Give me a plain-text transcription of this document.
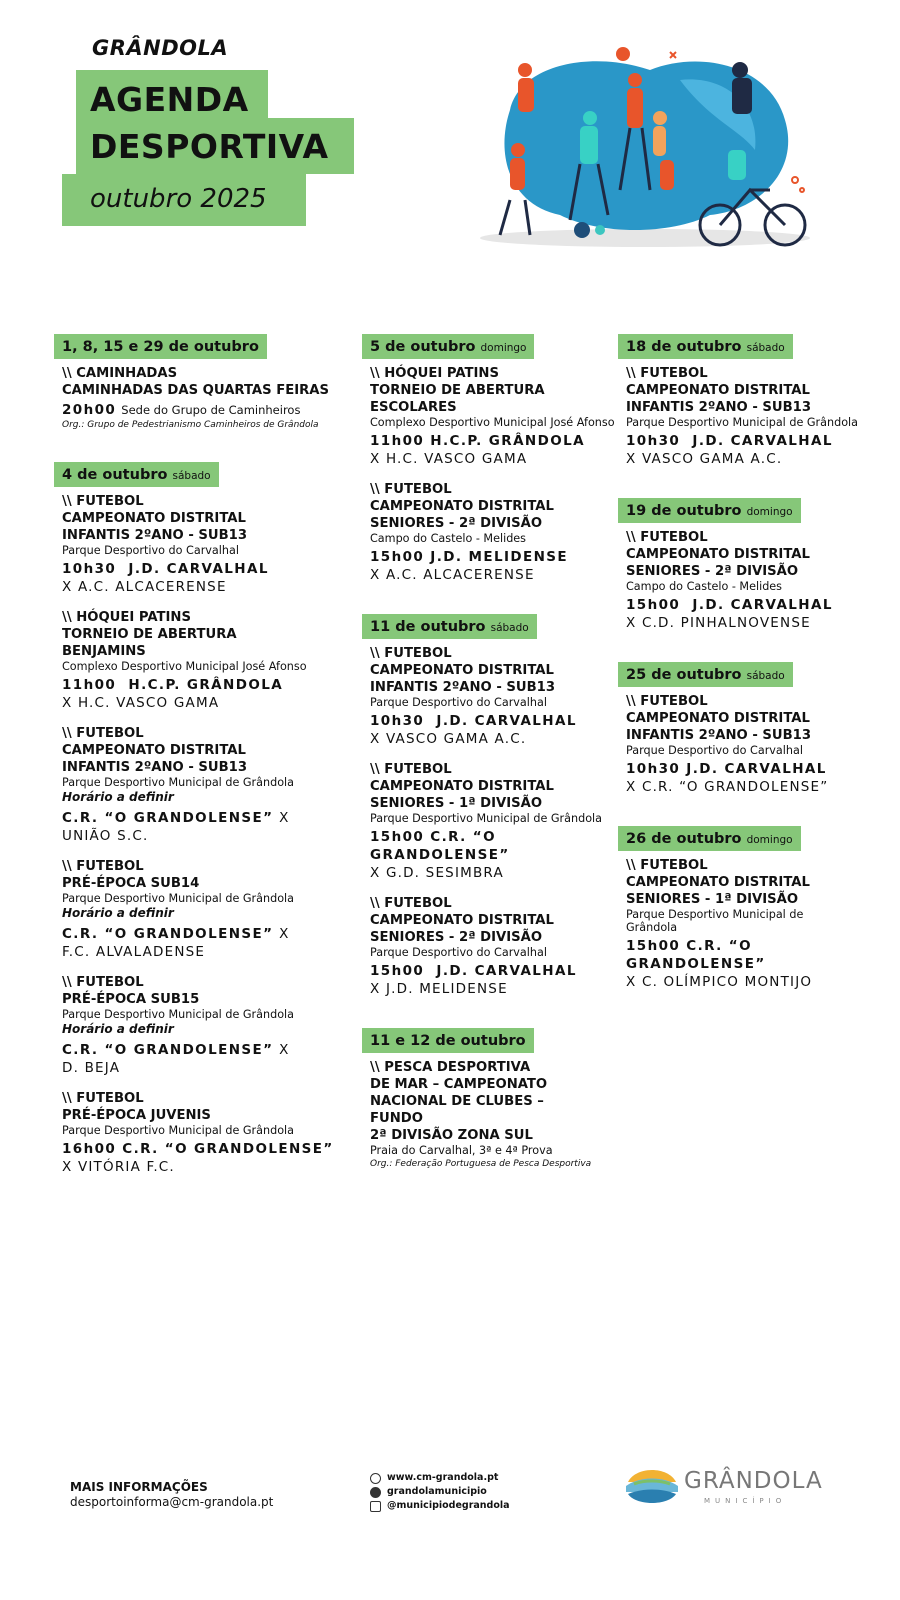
GRÂNDOLA
AGENDA
DESPORTIVA
outubro 2025
1, 8, 15 e 29 de outubro
\\ CAMINHADAS
CAMINHADAS DAS QUARTAS FEIRAS
20h00 Sede do Grupo de Caminheiros
Org.: Grupo de Pedestrianismo Caminheiros de Grândola
4 de outubro sábado
\\ FUTEBOL
CAMPEONATO DISTRITAL
INFANTIS 2ºANO - SUB13
Parque Desportivo do Carvalhal
10h30 J.D. CARVALHAL
X A.C. ALCACERENSE
\\ HÓQUEI PATINS
TORNEIO DE ABERTURA
BENJAMINS
Complexo Desportivo Municipal José Afonso
11h00 H.C.P. GRÂNDOLA
X H.C. VASCO GAMA
\\ FUTEBOL
CAMPEONATO DISTRITAL
INFANTIS 2ºANO - SUB13
Parque Desportivo Municipal de Grândola
Horário a definir
C.R. “O GRANDOLENSE” X
UNIÃO S.C.
\\ FUTEBOL
PRÉ-ÉPOCA SUB14
Parque Desportivo Municipal de Grândola
Horário a definir
C.R. “O GRANDOLENSE” X
F.C. ALVALADENSE
\\ FUTEBOL
PRÉ-ÉPOCA SUB15
Parque Desportivo Municipal de Grândola
Horário a definir
C.R. “O GRANDOLENSE” X
D. BEJA
\\ FUTEBOL
PRÉ-ÉPOCA JUVENIS
Parque Desportivo Municipal de Grândola
16h00 C.R. “O GRANDOLENSE”
X VITÓRIA F.C.
5 de outubro domingo
\\ HÓQUEI PATINS
TORNEIO DE ABERTURA
ESCOLARES
Complexo Desportivo Municipal José Afonso
11h00 H.C.P. GRÂNDOLA
X H.C. VASCO GAMA
\\ FUTEBOL
CAMPEONATO DISTRITAL
SENIORES - 2ª DIVISÃO
Campo do Castelo - Melides
15h00 J.D. MELIDENSE
X A.C. ALCACERENSE
11 de outubro sábado
\\ FUTEBOL
CAMPEONATO DISTRITAL
INFANTIS 2ºANO - SUB13
Parque Desportivo do Carvalhal
10h30 J.D. CARVALHAL
X VASCO GAMA A.C.
\\ FUTEBOL
CAMPEONATO DISTRITAL
SENIORES - 1ª DIVISÃO
Parque Desportivo Municipal de Grândola
15h00 C.R. “O GRANDOLENSE”
X G.D. SESIMBRA
\\ FUTEBOL
CAMPEONATO DISTRITAL
SENIORES - 2ª DIVISÃO
Parque Desportivo do Carvalhal
15h00 J.D. CARVALHAL
X J.D. MELIDENSE
11 e 12 de outubro
\\ PESCA DESPORTIVA
DE MAR – CAMPEONATO
NACIONAL DE CLUBES –
FUNDO
2ª DIVISÃO ZONA SUL
Praia do Carvalhal, 3ª e 4ª Prova
Org.: Federação Portuguesa de Pesca Desportiva
18 de outubro sábado
\\ FUTEBOL
CAMPEONATO DISTRITAL
INFANTIS 2ºANO - SUB13
Parque Desportivo Municipal de Grândola
10h30 J.D. CARVALHAL
X VASCO GAMA A.C.
19 de outubro domingo
\\ FUTEBOL
CAMPEONATO DISTRITAL
SENIORES - 2ª DIVISÃO
Campo do Castelo - Melides
15h00 J.D. CARVALHAL
X C.D. PINHALNOVENSE
25 de outubro sábado
\\ FUTEBOL
CAMPEONATO DISTRITAL
INFANTIS 2ºANO - SUB13
Parque Desportivo do Carvalhal
10h30 J.D. CARVALHAL
X C.R. “O GRANDOLENSE”
26 de outubro domingo
\\ FUTEBOL
CAMPEONATO DISTRITAL
SENIORES - 1ª DIVISÃO
Parque Desportivo Municipal de Grândola
15h00 C.R. “O GRANDOLENSE”
X C. OLÍMPICO MONTIJO
MAIS INFORMAÇÕES
desportoinforma@cm-grandola.pt
www.cm-grandola.pt
grandolamunicipio
@municipiodegrandola
GRÂNDOLA
MUNICÍPIO
